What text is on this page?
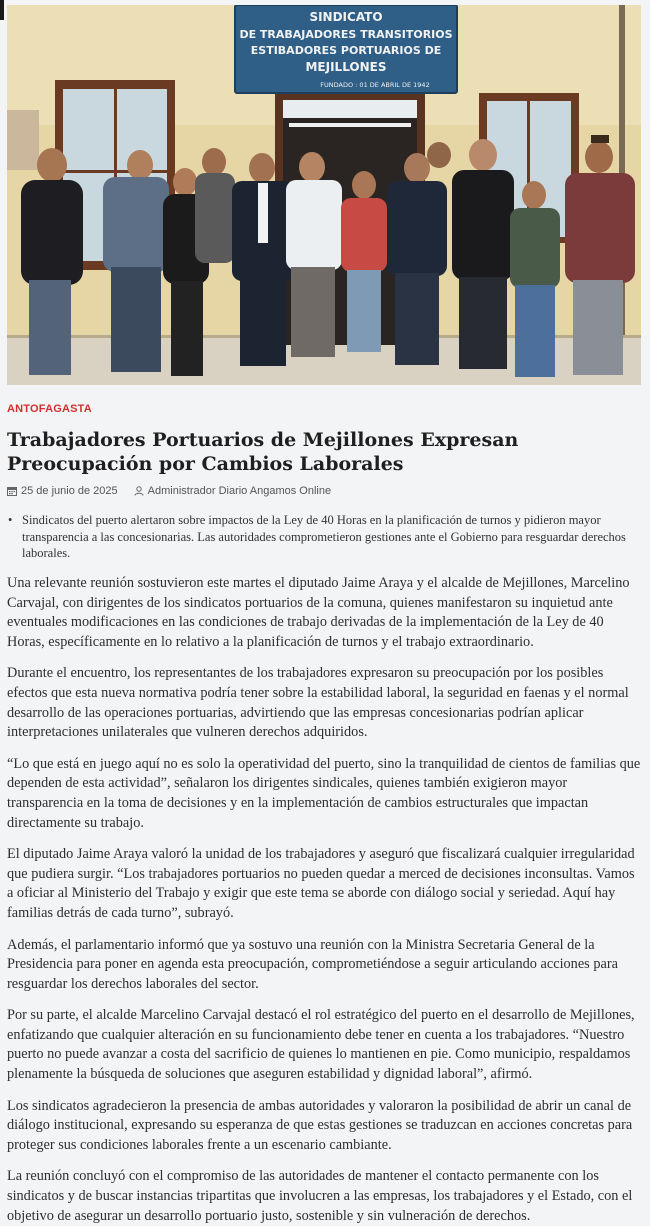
SINDICATO
DE TRABAJADORES TRANSITORIOS
ESTIBADORES PORTUARIOS DE
MEJILLONES
FUNDADO : 01 DE ABRIL DE 1942
ANTOFAGASTA
Trabajadores Portuarios de Mejillones Expresan Preocupación por Cambios Laborales
25 de junio de 2025	Administrador Diario Angamos Online
• Sindicatos del puerto alertaron sobre impactos de la Ley de 40 Horas en la planificación de turnos y pidieron mayor transparencia a las concesionarias. Las autoridades comprometieron gestiones ante el Gobierno para resguardar derechos laborales.

Una relevante reunión sostuvieron este martes el diputado Jaime Araya y el alcalde de Mejillones, Marcelino Carvajal, con dirigentes de los sindicatos portuarios de la comuna, quienes manifestaron su inquietud ante eventuales modificaciones en las condiciones de trabajo derivadas de la implementación de la Ley de 40 Horas, específicamente en lo relativo a la planificación de turnos y el trabajo extraordinario.

Durante el encuentro, los representantes de los trabajadores expresaron su preocupación por los posibles efectos que esta nueva normativa podría tener sobre la estabilidad laboral, la seguridad en faenas y el normal desarrollo de las operaciones portuarias, advirtiendo que las empresas concesionarias podrían aplicar interpretaciones unilaterales que vulneren derechos adquiridos.

“Lo que está en juego aquí no es solo la operatividad del puerto, sino la tranquilidad de cientos de familias que dependen de esta actividad”, señalaron los dirigentes sindicales, quienes también exigieron mayor transparencia en la toma de decisiones y en la implementación de cambios estructurales que impactan directamente su trabajo.

El diputado Jaime Araya valoró la unidad de los trabajadores y aseguró que fiscalizará cualquier irregularidad que pudiera surgir. “Los trabajadores portuarios no pueden quedar a merced de decisiones inconsultas. Vamos a oficiar al Ministerio del Trabajo y exigir que este tema se aborde con diálogo social y seriedad. Aquí hay familias detrás de cada turno”, subrayó.

Además, el parlamentario informó que ya sostuvo una reunión con la Ministra Secretaria General de la Presidencia para poner en agenda esta preocupación, comprometiéndose a seguir articulando acciones para resguardar los derechos laborales del sector.

Por su parte, el alcalde Marcelino Carvajal destacó el rol estratégico del puerto en el desarrollo de Mejillones, enfatizando que cualquier alteración en su funcionamiento debe tener en cuenta a los trabajadores. “Nuestro puerto no puede avanzar a costa del sacrificio de quienes lo mantienen en pie. Como municipio, respaldamos plenamente la búsqueda de soluciones que aseguren estabilidad y dignidad laboral”, afirmó.

Los sindicatos agradecieron la presencia de ambas autoridades y valoraron la posibilidad de abrir un canal de diálogo institucional, expresando su esperanza de que estas gestiones se traduzcan en acciones concretas para proteger sus condiciones laborales frente a un escenario cambiante.

La reunión concluyó con el compromiso de las autoridades de mantener el contacto permanente con los sindicatos y de buscar instancias tripartitas que involucren a las empresas, los trabajadores y el Estado, con el objetivo de asegurar un desarrollo portuario justo, sostenible y sin vulneración de derechos.
